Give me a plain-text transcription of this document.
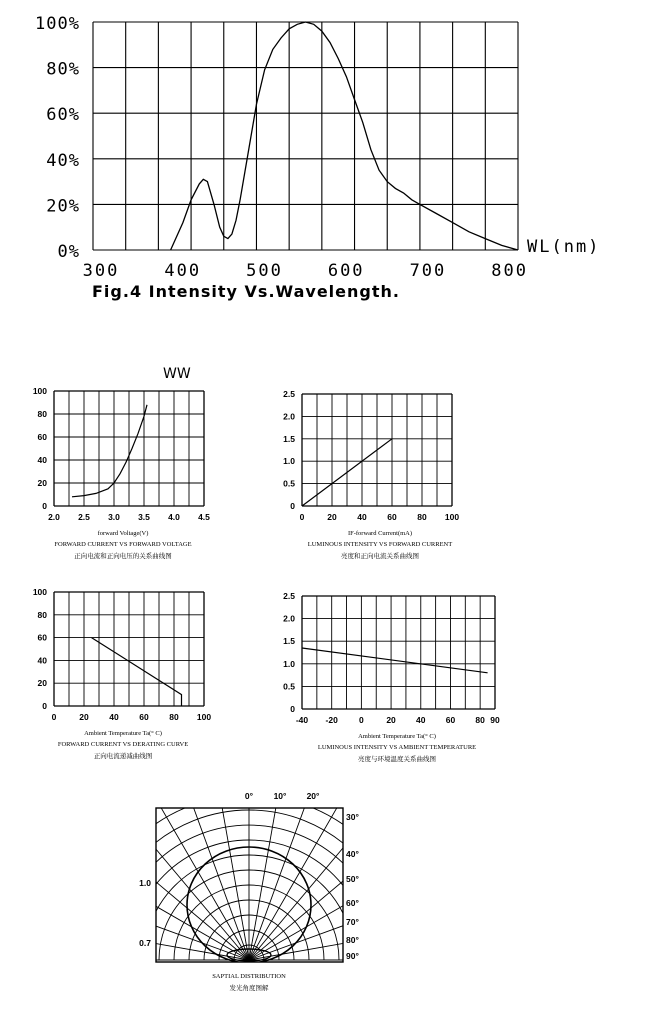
0%
20%
40%
60%
80%
100%
300	400	500	600	700	800
WL(nm)
Fig.4 Intensity Vs.Wavelength.
WW
0
20
40
60
80
100
2.0 2.5 3.0 3.5 4.0 4.5
forward Voltage(V)
FORWARD CURRENT VS FORWARD VOLTAGE
正向电流和正向电压的关系曲线图
0
0.5
1.0
1.5
2.0
2.5
0	20 40 60 80 100
IF-forward Current(mA)
LUMINOUS INTENSITY VS FORWARD CURRENT
亮度和正向电流关系曲线图
0
20
40
60
80
100
0	20 40 60 80 100
Ambient Temperature Ta(° C)
FORWARD CURRENT VS DERATING CURVE
正向电流递减曲线图
0
0.5
1.0
1.5
2.0
2.5
-40 -20 0	20 40 60 80 90
Ambient Temperature Ta(° C)
LUMINOUS INTENSITY VS AMBIENT TEMPERATURE
亮度与环境温度关系曲线图
0° 10° 20°
30°
40°
50°
60°
70°
80°
90°
1.0
0.7
SAPTIAL DISTRIBUTION
发光角度图解
